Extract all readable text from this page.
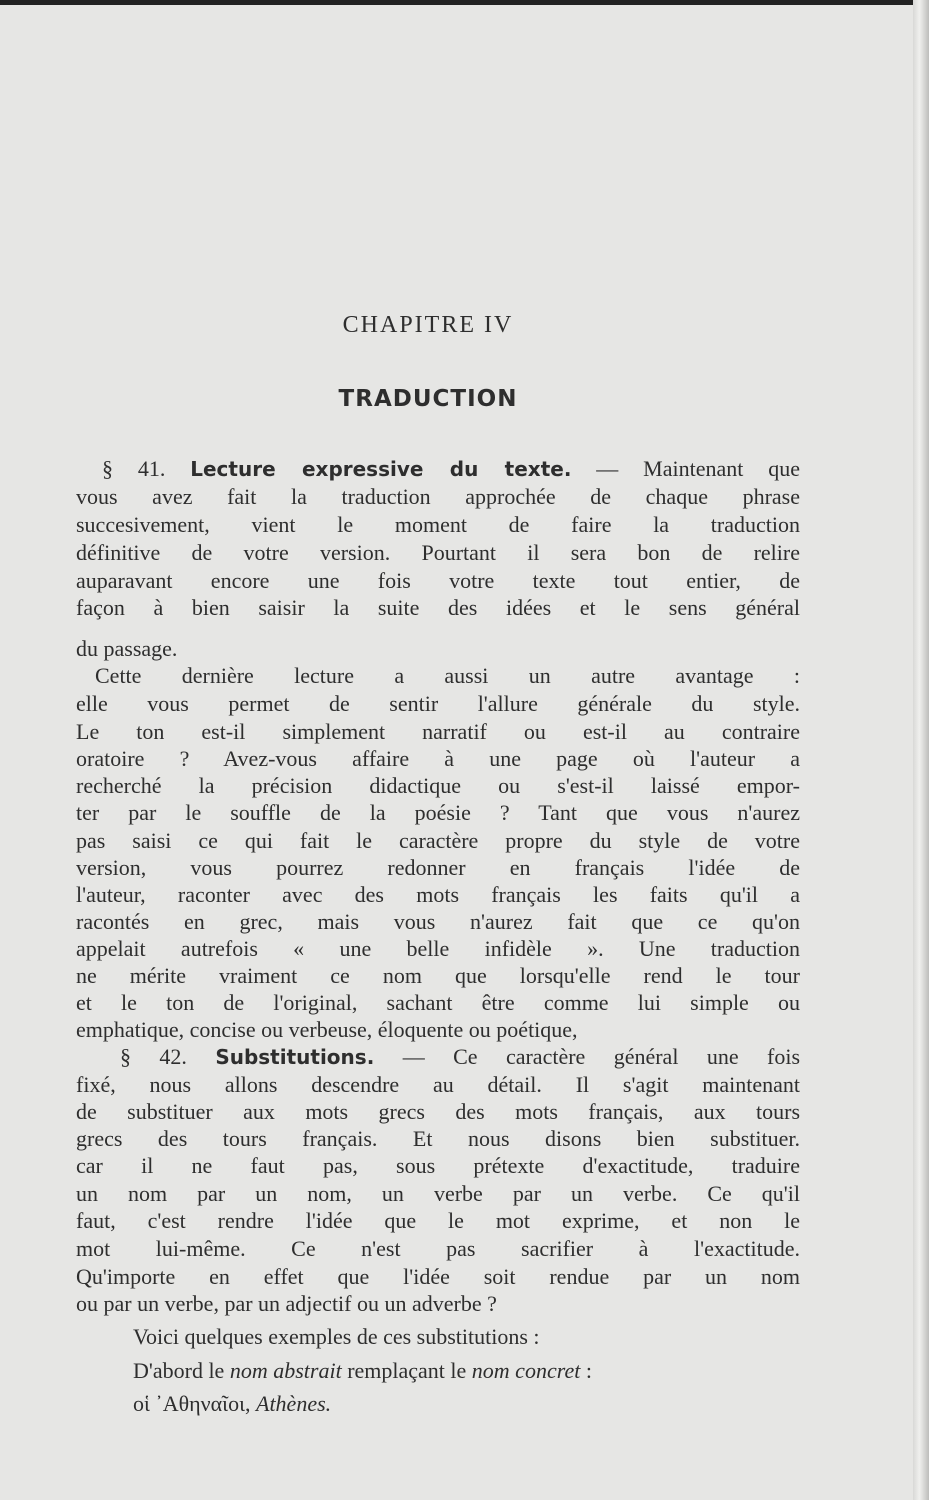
CHAPITRE IV
TRADUCTION
§ 41. Lecture expressive du texte. — Maintenant que
vous avez fait la traduction approchée de chaque phrase
succesivement, vient le moment de faire la traduction
définitive de votre version. Pourtant il sera bon de relire
auparavant encore une fois votre texte tout entier, de
façon à bien saisir la suite des idées et le sens général
du passage.
Cette dernière lecture a aussi un autre avantage :
elle vous permet de sentir l'allure générale du style.
Le ton est-il simplement narratif ou est-il au contraire
oratoire ? Avez-vous affaire à une page où l'auteur a
recherché la précision didactique ou s'est-il laissé empor-
ter par le souffle de la poésie ? Tant que vous n'aurez
pas saisi ce qui fait le caractère propre du style de votre
version, vous pourrez redonner en français l'idée de
l'auteur, raconter avec des mots français les faits qu'il a
racontés en grec, mais vous n'aurez fait que ce qu'on
appelait autrefois « une belle infidèle ». Une traduction
ne mérite vraiment ce nom que lorsqu'elle rend le tour
et le ton de l'original, sachant être comme lui simple ou
emphatique, concise ou verbeuse, éloquente ou poétique,
§ 42. Substitutions. — Ce caractère général une fois
fixé, nous allons descendre au détail. Il s'agit maintenant
de substituer aux mots grecs des mots français, aux tours
grecs des tours français. Et nous disons bien substituer.
car il ne faut pas, sous prétexte d'exactitude, traduire
un nom par un nom, un verbe par un verbe. Ce qu'il
faut, c'est rendre l'idée que le mot exprime, et non le
mot lui-même. Ce n'est pas sacrifier à l'exactitude.
Qu'importe en effet que l'idée soit rendue par un nom
ou par un verbe, par un adjectif ou un adverbe ?
Voici quelques exemples de ces substitutions :
D'abord le nom abstrait remplaçant le nom concret :
οἱ ᾿Αθηναῖοι, Athènes.
